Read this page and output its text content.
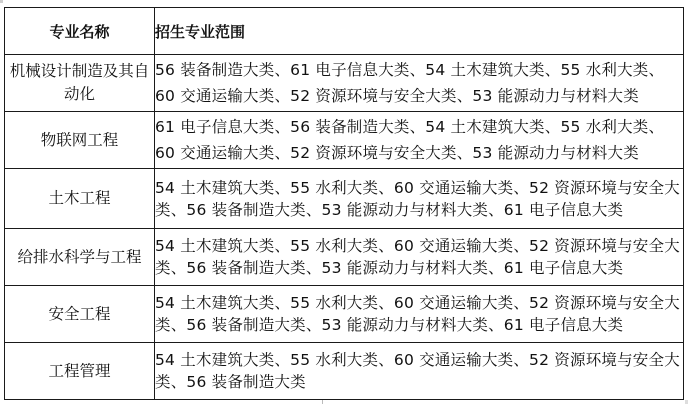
专业名称	招生专业范围
机械设计制造及其自动化	56 装备制造大类、61 电子信息大类、54 土木建筑大类、55 水利大类、60 交通运输大类、52 资源环境与安全大类、53 能源动力与材料大类
物联网工程	61 电子信息大类、56 装备制造大类、54 土木建筑大类、55 水利大类、60 交通运输大类、52 资源环境与安全大类、53 能源动力与材料大类
土木工程	54 土木建筑大类、55 水利大类、60 交通运输大类、52 资源环境与安全大类、56 装备制造大类、53 能源动力与材料大类、61 电子信息大类
给排水科学与工程	54 土木建筑大类、55 水利大类、60 交通运输大类、52 资源环境与安全大类、56 装备制造大类、53 能源动力与材料大类、61 电子信息大类
安全工程	54 土木建筑大类、55 水利大类、60 交通运输大类、52 资源环境与安全大类、56 装备制造大类、53 能源动力与材料大类、61 电子信息大类
工程管理	54 土木建筑大类、55 水利大类、60 交通运输大类、52 资源环境与安全大类、56 装备制造大类
